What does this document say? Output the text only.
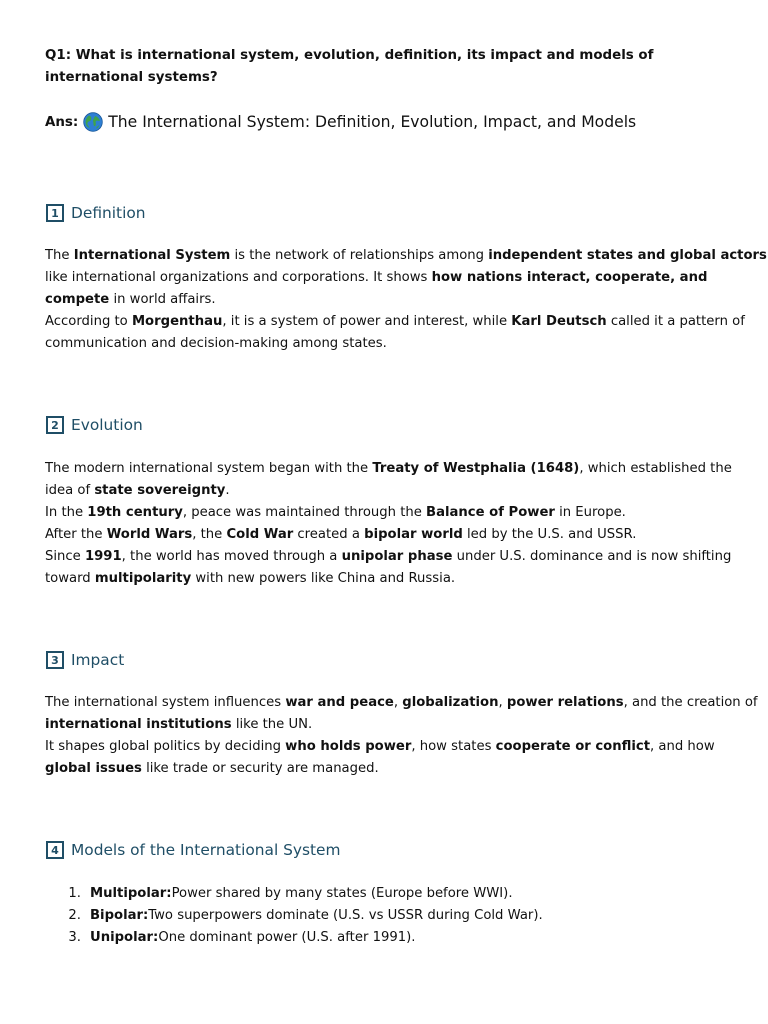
Q1: What is international system, evolution, definition, its impact and models of international systems?
Ans: The International System: Definition, Evolution, Impact, and Models
1 Definition
The International System is the network of relationships among independent states and global actors
like international organizations and corporations. It shows how nations interact, cooperate, and
compete in world affairs.
According to Morgenthau, it is a system of power and interest, while Karl Deutsch called it a pattern of
communication and decision-making among states.
2 Evolution
The modern international system began with the Treaty of Westphalia (1648), which established the
idea of state sovereignty.
In the 19th century, peace was maintained through the Balance of Power in Europe.
After the World Wars, the Cold War created a bipolar world led by the U.S. and USSR.
Since 1991, the world has moved through a unipolar phase under U.S. dominance and is now shifting
toward multipolarity with new powers like China and Russia.
3 Impact
The international system influences war and peace, globalization, power relations, and the creation of
international institutions like the UN.
It shapes global politics by deciding who holds power, how states cooperate or conflict, and how
global issues like trade or security are managed.
4 Models of the International System
1. Multipolar: Power shared by many states (Europe before WWI).
2. Bipolar: Two superpowers dominate (U.S. vs USSR during Cold War).
3. Unipolar: One dominant power (U.S. after 1991).
